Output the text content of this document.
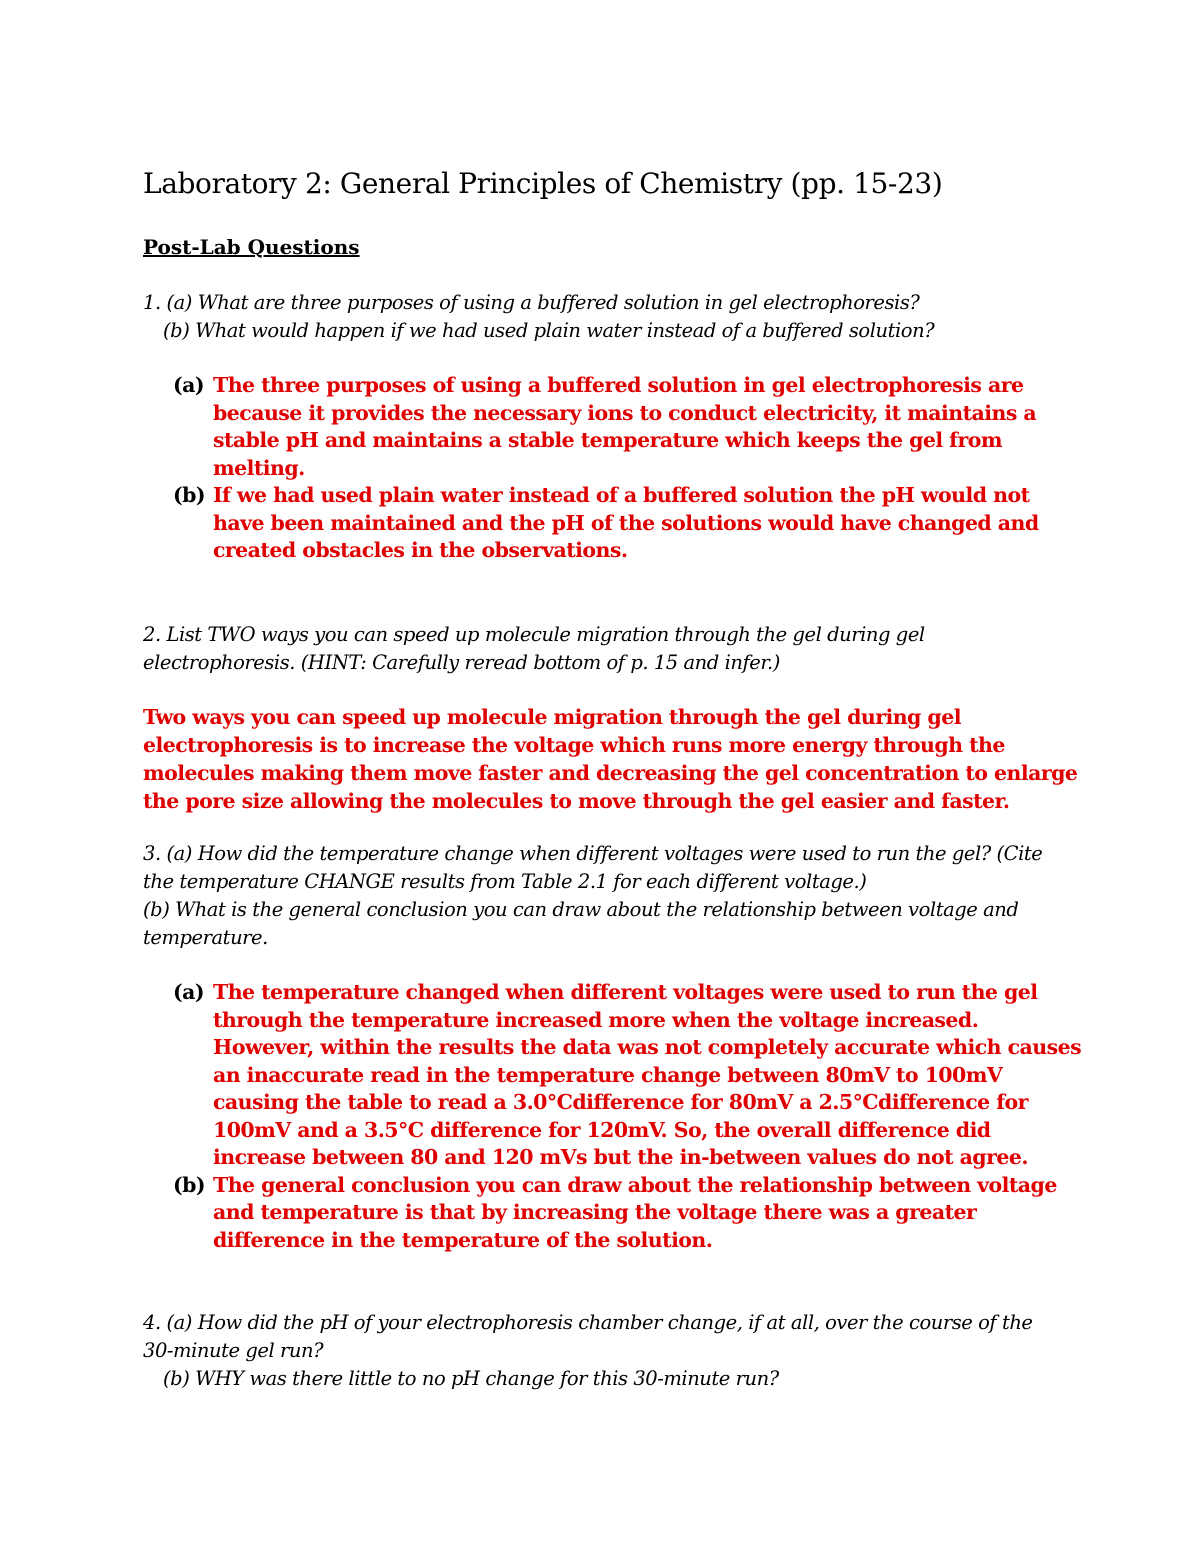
Laboratory 2: General Principles of Chemistry (pp. 15-23)
Post-Lab Questions
1. (a) What are three purposes of using a buffered solution in gel electrophoresis?
(b) What would happen if we had used plain water instead of a buffered solution?
(a) The three purposes of using a buffered solution in gel electrophoresis are
because it provides the necessary ions to conduct electricity, it maintains a
stable pH and maintains a stable temperature which keeps the gel from
melting.
(b) If we had used plain water instead of a buffered solution the pH would not
have been maintained and the pH of the solutions would have changed and
created obstacles in the observations.
2. List TWO ways you can speed up molecule migration through the gel during gel
electrophoresis. (HINT: Carefully reread bottom of p. 15 and infer.)
Two ways you can speed up molecule migration through the gel during gel
electrophoresis is to increase the voltage which runs more energy through the
molecules making them move faster and decreasing the gel concentration to enlarge
the pore size allowing the molecules to move through the gel easier and faster.
3. (a) How did the temperature change when different voltages were used to run the gel? (Cite
the temperature CHANGE results from Table 2.1 for each different voltage.)
(b) What is the general conclusion you can draw about the relationship between voltage and
temperature.
(a) The temperature changed when different voltages were used to run the gel
through the temperature increased more when the voltage increased.
However, within the results the data was not completely accurate which causes
an inaccurate read in the temperature change between 80mV to 100mV
causing the table to read a 3.0°Cdifference for 80mV a 2.5°Cdifference for
100mV and a 3.5°C difference for 120mV. So, the overall difference did
increase between 80 and 120 mVs but the in-between values do not agree.
(b) The general conclusion you can draw about the relationship between voltage
and temperature is that by increasing the voltage there was a greater
difference in the temperature of the solution.
4. (a) How did the pH of your electrophoresis chamber change, if at all, over the course of the
30-minute gel run?
(b) WHY was there little to no pH change for this 30-minute run?
